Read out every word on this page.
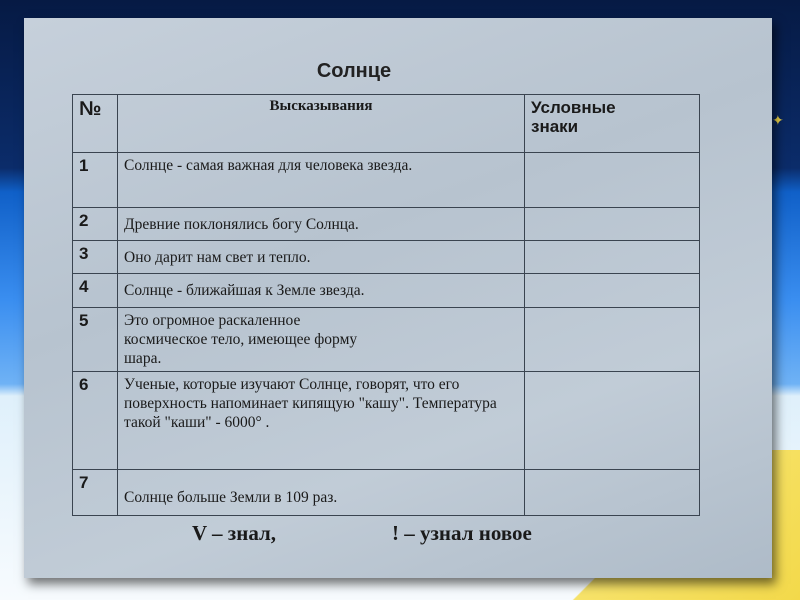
✦
Солнце
№	Высказывания	Условные
знаки

1	Солнце - самая важная для человека звезда.	
2	Древние поклонялись богу Солнца.	
3	Оно дарит нам свет и тепло.	
4	Солнце - ближайшая к Земле звезда.	
5	Это огромное раскаленное космическое тело, имеющее форму шара.	
6	Ученые, которые изучают Солнце, говорят, что его поверхность напоминает кипящую "кашу". Температура такой "каши" - 6000° .	
7	Солнце больше Земли в 109 раз.	
V – знал,	! – узнал новое
